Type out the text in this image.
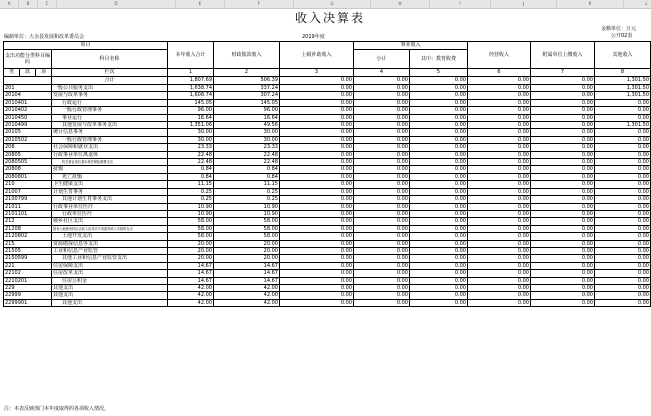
A	B	C	D	E	F	G	H	I	J	K	L
收入决算表
金额单位：万元
公开02表
编制单位：大余县发展和改革委员会	2019年度
项目				本年收入合计	财政拨款收入	上级补助收入	事业收入		经营收入	附属单位上缴收入	其他收入
支出功能分类科目编码			科目名称				小计	其中：教育收费			

类	款	项	栏次	1	2	3	4	5	6	7	8
			合计	1,807.69	506.39	0.00	0.00	0.00	0.00	0.00	1,301.50
201			一般公共服务支出	1,638.74	337.24	0.00	0.00	0.00	0.00	0.00	1,301.50
20104			发展与改革事务	1,608.74	307.24	0.00	0.00	0.00	0.00	0.00	1,301.50
2010401			行政运行	145.05	145.05	0.00	0.00	0.00	0.00	0.00	0.00
2010402			一般行政管理事务	96.00	96.00	0.00	0.00	0.00	0.00	0.00	0.00
2010450			事业运行	16.64	16.64	0.00	0.00	0.00	0.00	0.00	0.00
2010499			其他发展与改革事务支出	1,351.06	49.56	0.00	0.00	0.00	0.00	0.00	1,301.50
20105			统计信息事务	30.00	30.00	0.00	0.00	0.00	0.00	0.00	0.00
2010502			一般行政管理事务	30.00	30.00	0.00	0.00	0.00	0.00	0.00	0.00
208			社会保障和就业支出	23.33	23.33	0.00	0.00	0.00	0.00	0.00	0.00
20805			行政事业单位离退休	22.48	22.48	0.00	0.00	0.00	0.00	0.00	0.00
2080505			机关事业单位基本养老保险缴费支出	22.48	22.48	0.00	0.00	0.00	0.00	0.00	0.00
20808			抚恤	0.84	0.84	0.00	0.00	0.00	0.00	0.00	0.00
2080801			死亡抚恤	0.84	0.84	0.00	0.00	0.00	0.00	0.00	0.00
210			卫生健康支出	11.15	11.15	0.00	0.00	0.00	0.00	0.00	0.00
21007			计划生育事务	0.25	0.25	0.00	0.00	0.00	0.00	0.00	0.00
2100799			其他计划生育事务支出	0.25	0.25	0.00	0.00	0.00	0.00	0.00	0.00
21011			行政事业单位医疗	10.90	10.90	0.00	0.00	0.00	0.00	0.00	0.00
2101101			行政单位医疗	10.90	10.90	0.00	0.00	0.00	0.00	0.00	0.00
212			城乡社区支出	58.00	58.00	0.00	0.00	0.00	0.00	0.00	0.00
21208			国有土地使用权出让收入及对应专项债务收入安排的支出	58.00	58.00	0.00	0.00	0.00	0.00	0.00	0.00
2120802			土地开发支出	58.00	58.00	0.00	0.00	0.00	0.00	0.00	0.00
215			资源勘探信息等支出	20.00	20.00	0.00	0.00	0.00	0.00	0.00	0.00
21505			工业和信息产业监管	20.00	20.00	0.00	0.00	0.00	0.00	0.00	0.00
2150599			其他工业和信息产业监管支出	20.00	20.00	0.00	0.00	0.00	0.00	0.00	0.00
221			住房保障支出	14.67	14.67	0.00	0.00	0.00	0.00	0.00	0.00
22102			住房改革支出	14.67	14.67	0.00	0.00	0.00	0.00	0.00	0.00
2210201			住房公积金	14.67	14.67	0.00	0.00	0.00	0.00	0.00	0.00
229			其他支出	42.00	42.00	0.00	0.00	0.00	0.00	0.00	0.00
22999			其他支出	42.00	42.00	0.00	0.00	0.00	0.00	0.00	0.00
2299901			其他支出	42.00	42.00	0.00	0.00	0.00	0.00	0.00	0.00
注：本表反映部门本年度取得的各项收入情况。
